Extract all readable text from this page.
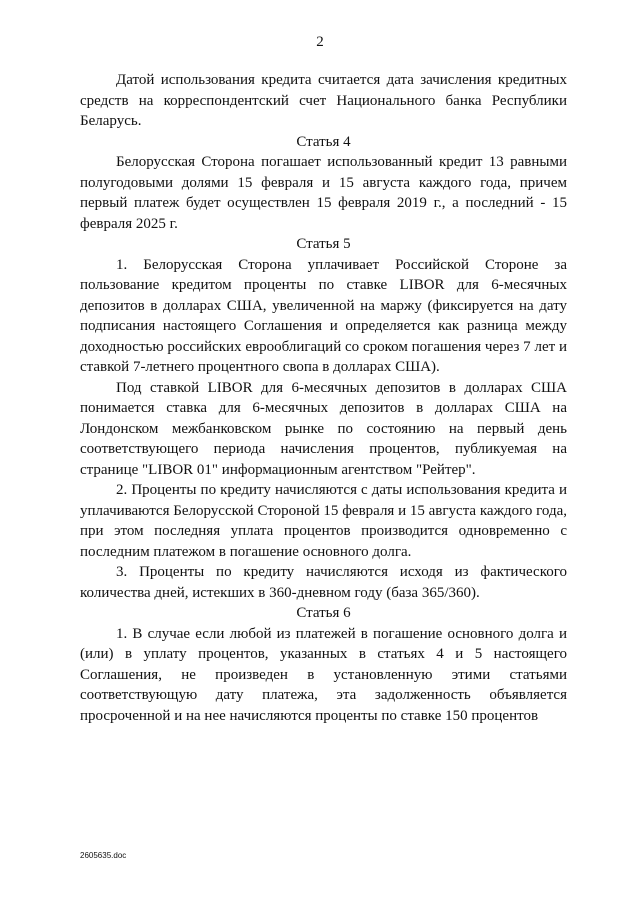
2

Датой использования кредита считается дата зачисления кредитных средств на корреспондентский счет Национального банка Республики Беларусь.

Статья 4

Белорусская Сторона погашает использованный кредит 13 равными полугодовыми долями 15 февраля и 15 августа каждого года, причем первый платеж будет осуществлен 15 февраля 2019 г., а последний - 15 февраля 2025 г.

Статья 5

1. Белорусская Сторона уплачивает Российской Стороне за пользование кредитом проценты по ставке LIBOR для 6-месячных депозитов в долларах США, увеличенной на маржу (фиксируется на дату подписания настоящего Соглашения и определяется как разница между доходностью российских еврооблигаций со сроком погашения через 7 лет и ставкой 7-летнего процентного свопа в долларах США).

Под ставкой LIBOR для 6-месячных депозитов в долларах США понимается ставка для 6-месячных депозитов в долларах США на Лондонском межбанковском рынке по состоянию на первый день соответствующего периода начисления процентов, публикуемая на странице "LIBOR 01" информационным агентством "Рейтер".

2. Проценты по кредиту начисляются с даты использования кредита и уплачиваются Белорусской Стороной 15 февраля и 15 августа каждого года, при этом последняя уплата процентов производится одновременно с последним платежом в погашение основного долга.

3. Проценты по кредиту начисляются исходя из фактического количества дней, истекших в 360-дневном году (база 365/360).

Статья 6

1. В случае если любой из платежей в погашение основного долга и (или) в уплату процентов, указанных в статьях 4 и 5 настоящего Соглашения, не произведен в установленную этими статьями соответствующую дату платежа, эта задолженность объявляется просроченной и на нее начисляются проценты по ставке 150 процентов

2605635.doc
